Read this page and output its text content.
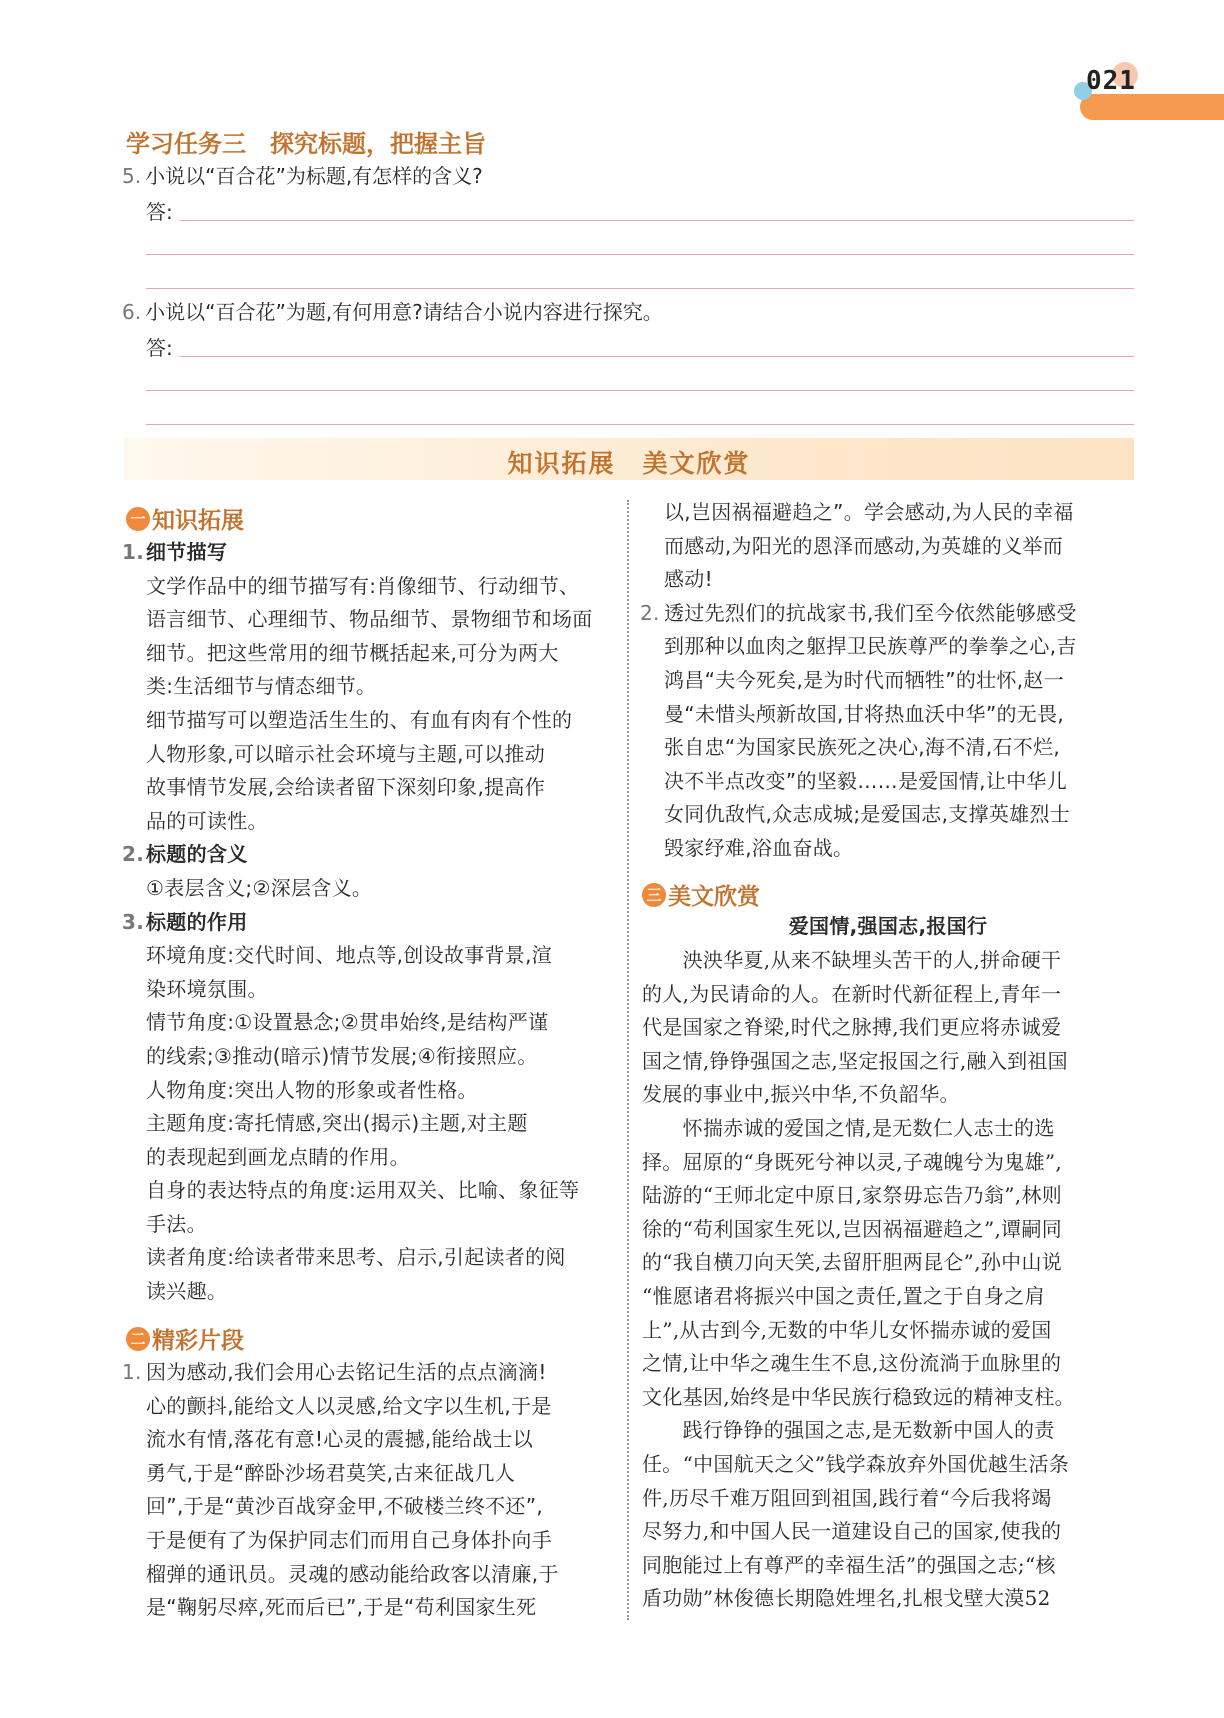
021
学习任务三　探究标题，把握主旨
5. 小说以“百合花”为标题,有怎样的含义?
答:
6. 小说以“百合花”为题,有何用意?请结合小说内容进行探究。
答:
知识拓展　美文欣赏
一 知识拓展

1.细节描写

文学作品中的细节描写有:肖像细节、行动细节、

语言细节、心理细节、物品细节、景物细节和场面

细节。把这些常用的细节概括起来,可分为两大

类:生活细节与情态细节。

细节描写可以塑造活生生的、有血有肉有个性的

人物形象,可以暗示社会环境与主题,可以推动

故事情节发展,会给读者留下深刻印象,提高作

品的可读性。

2.标题的含义

①表层含义;②深层含义。

3.标题的作用

环境角度:交代时间、地点等,创设故事背景,渲

染环境氛围。

情节角度:①设置悬念;②贯串始终,是结构严谨

的线索;③推动(暗示)情节发展;④衔接照应。

人物角度:突出人物的形象或者性格。

主题角度:寄托情感,突出(揭示)主题,对主题

的表现起到画龙点睛的作用。

自身的表达特点的角度:运用双关、比喻、象征等

手法。

读者角度:给读者带来思考、启示,引起读者的阅

读兴趣。

二 精彩片段

1. 因为感动,我们会用心去铭记生活的点点滴滴!

心的颤抖,能给文人以灵感,给文字以生机,于是

流水有情,落花有意!心灵的震撼,能给战士以

勇气,于是“醉卧沙场君莫笑,古来征战几人

回”,于是“黄沙百战穿金甲,不破楼兰终不还”,

于是便有了为保护同志们而用自己身体扑向手

榴弹的通讯员。灵魂的感动能给政客以清廉,于

是“鞠躬尽瘁,死而后已”,于是“苟利国家生死

以,岂因祸福避趋之”。学会感动,为人民的幸福

而感动,为阳光的恩泽而感动,为英雄的义举而

感动!

2. 透过先烈们的抗战家书,我们至今依然能够感受

到那种以血肉之躯捍卫民族尊严的拳拳之心,吉

鸿昌“夫今死矣,是为时代而牺牲”的壮怀,赵一

曼“未惜头颅新故国,甘将热血沃中华”的无畏,

张自忠“为国家民族死之决心,海不清,石不烂,

决不半点改变”的坚毅……是爱国情,让中华儿

女同仇敌忾,众志成城;是爱国志,支撑英雄烈士

毁家纾难,浴血奋战。

三 美文欣赏

爱国情,强国志,报国行

　　泱泱华夏,从来不缺埋头苦干的人,拼命硬干

的人,为民请命的人。在新时代新征程上,青年一

代是国家之脊梁,时代之脉搏,我们更应将赤诚爱

国之情,铮铮强国之志,坚定报国之行,融入到祖国

发展的事业中,振兴中华,不负韶华。

　　怀揣赤诚的爱国之情,是无数仁人志士的选

择。屈原的“身既死兮神以灵,子魂魄兮为鬼雄”,

陆游的“王师北定中原日,家祭毋忘告乃翁”,林则

徐的“苟利国家生死以,岂因祸福避趋之”,谭嗣同

的“我自横刀向天笑,去留肝胆两昆仑”,孙中山说

“惟愿诸君将振兴中国之责任,置之于自身之肩

上”,从古到今,无数的中华儿女怀揣赤诚的爱国

之情,让中华之魂生生不息,这份流淌于血脉里的

文化基因,始终是中华民族行稳致远的精神支柱。

　　践行铮铮的强国之志,是无数新中国人的责

任。“中国航天之父”钱学森放弃外国优越生活条

件,历尽千难万阻回到祖国,践行着“今后我将竭

尽努力,和中国人民一道建设自己的国家,使我的

同胞能过上有尊严的幸福生活”的强国之志;“核

盾功勋”林俊德长期隐姓埋名,扎根戈壁大漠52
